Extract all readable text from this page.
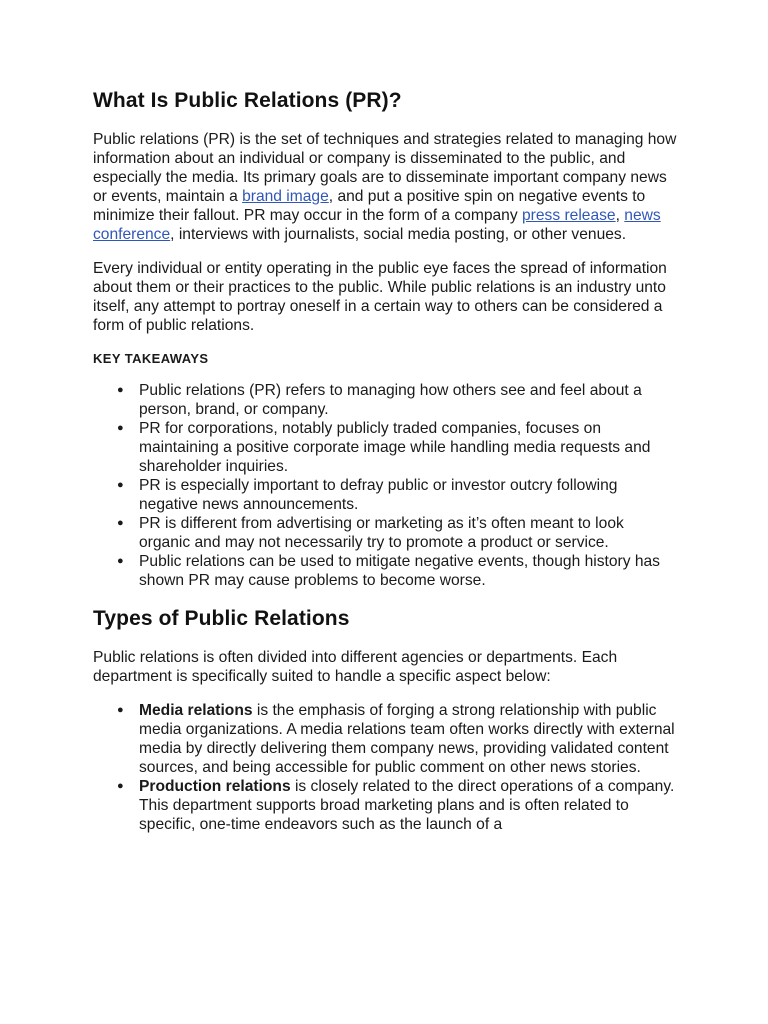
What Is Public Relations (PR)?

Public relations (PR) is the set of techniques and strategies related to managing how information about an individual or company is disseminated to the public, and especially the media. Its primary goals are to disseminate important company news or events, maintain a brand image, and put a positive spin on negative events to minimize their fallout. PR may occur in the form of a company press release, news conference, interviews with journalists, social media posting, or other venues.

Every individual or entity operating in the public eye faces the spread of information about them or their practices to the public. While public relations is an industry unto itself, any attempt to portray oneself in a certain way to others can be considered a form of public relations.

KEY TAKEAWAYS
● Public relations (PR) refers to managing how others see and feel about a person, brand, or company.
● PR for corporations, notably publicly traded companies, focuses on maintaining a positive corporate image while handling media requests and shareholder inquiries.
● PR is especially important to defray public or investor outcry following negative news announcements.
● PR is different from advertising or marketing as it’s often meant to look organic and may not necessarily try to promote a product or service.
● Public relations can be used to mitigate negative events, though history has shown PR may cause problems to become worse.
Types of Public Relations

Public relations is often divided into different agencies or departments. Each department is specifically suited to handle a specific aspect below:

● Media relations is the emphasis of forging a strong relationship with public media organizations. A media relations team often works directly with external media by directly delivering them company news, providing validated content sources, and being accessible for public comment on other news stories.
● Production relations is closely related to the direct operations of a company. This department supports broad marketing plans and is often related to specific, one-time endeavors such as the launch of a
